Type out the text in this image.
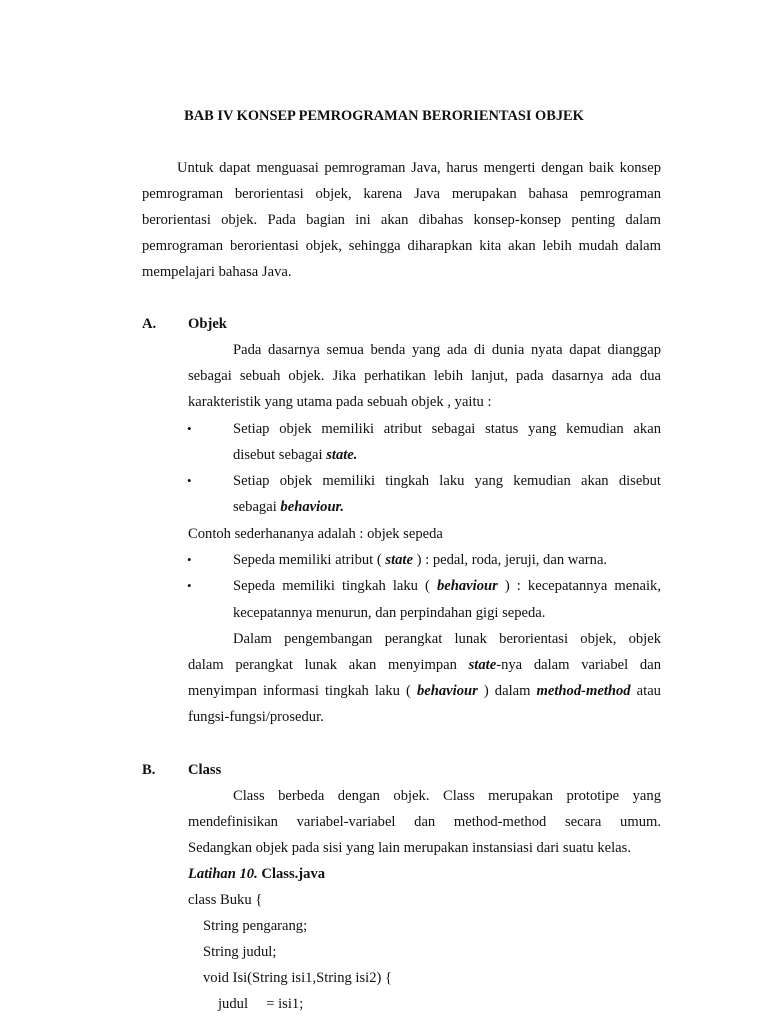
BAB IV KONSEP PEMROGRAMAN BERORIENTASI OBJEK
Untuk dapat menguasai pemrograman Java, harus mengerti dengan baik konsep
pemrograman berorientasi objek, karena Java merupakan bahasa pemrograman
berorientasi objek. Pada bagian ini akan dibahas konsep-konsep penting dalam
pemrograman berorientasi objek, sehingga diharapkan kita akan lebih mudah dalam
mempelajari bahasa Java.
A. Objek
Pada dasarnya semua benda yang ada di dunia nyata dapat dianggap
sebagai sebuah objek. Jika perhatikan lebih lanjut, pada dasarnya ada dua
karakteristik yang utama pada sebuah objek , yaitu :
•	Setiap objek memiliki atribut sebagai status yang kemudian akan
disebut sebagai state.
•	Setiap objek memiliki tingkah laku yang kemudian akan disebut
sebagai behaviour.
Contoh sederhananya adalah : objek sepeda
•	Sepeda memiliki atribut ( state ) : pedal, roda, jeruji, dan warna.
•	Sepeda memiliki tingkah laku ( behaviour ) : kecepatannya menaik,
kecepatannya menurun, dan perpindahan gigi sepeda.
Dalam pengembangan perangkat lunak berorientasi objek, objek
dalam perangkat lunak akan menyimpan state-nya dalam variabel dan
menyimpan informasi tingkah laku ( behaviour ) dalam method-method atau
fungsi-fungsi/prosedur.
B. Class
Class berbeda dengan objek. Class merupakan prototipe yang
mendefinisikan variabel-variabel dan method-method secara umum.
Sedangkan objek pada sisi yang lain merupakan instansiasi dari suatu kelas.
Latihan 10. Class.java
class Buku {
String pengarang;
String judul;
void Isi(String isi1,String isi2) {
judul     = isi1;
